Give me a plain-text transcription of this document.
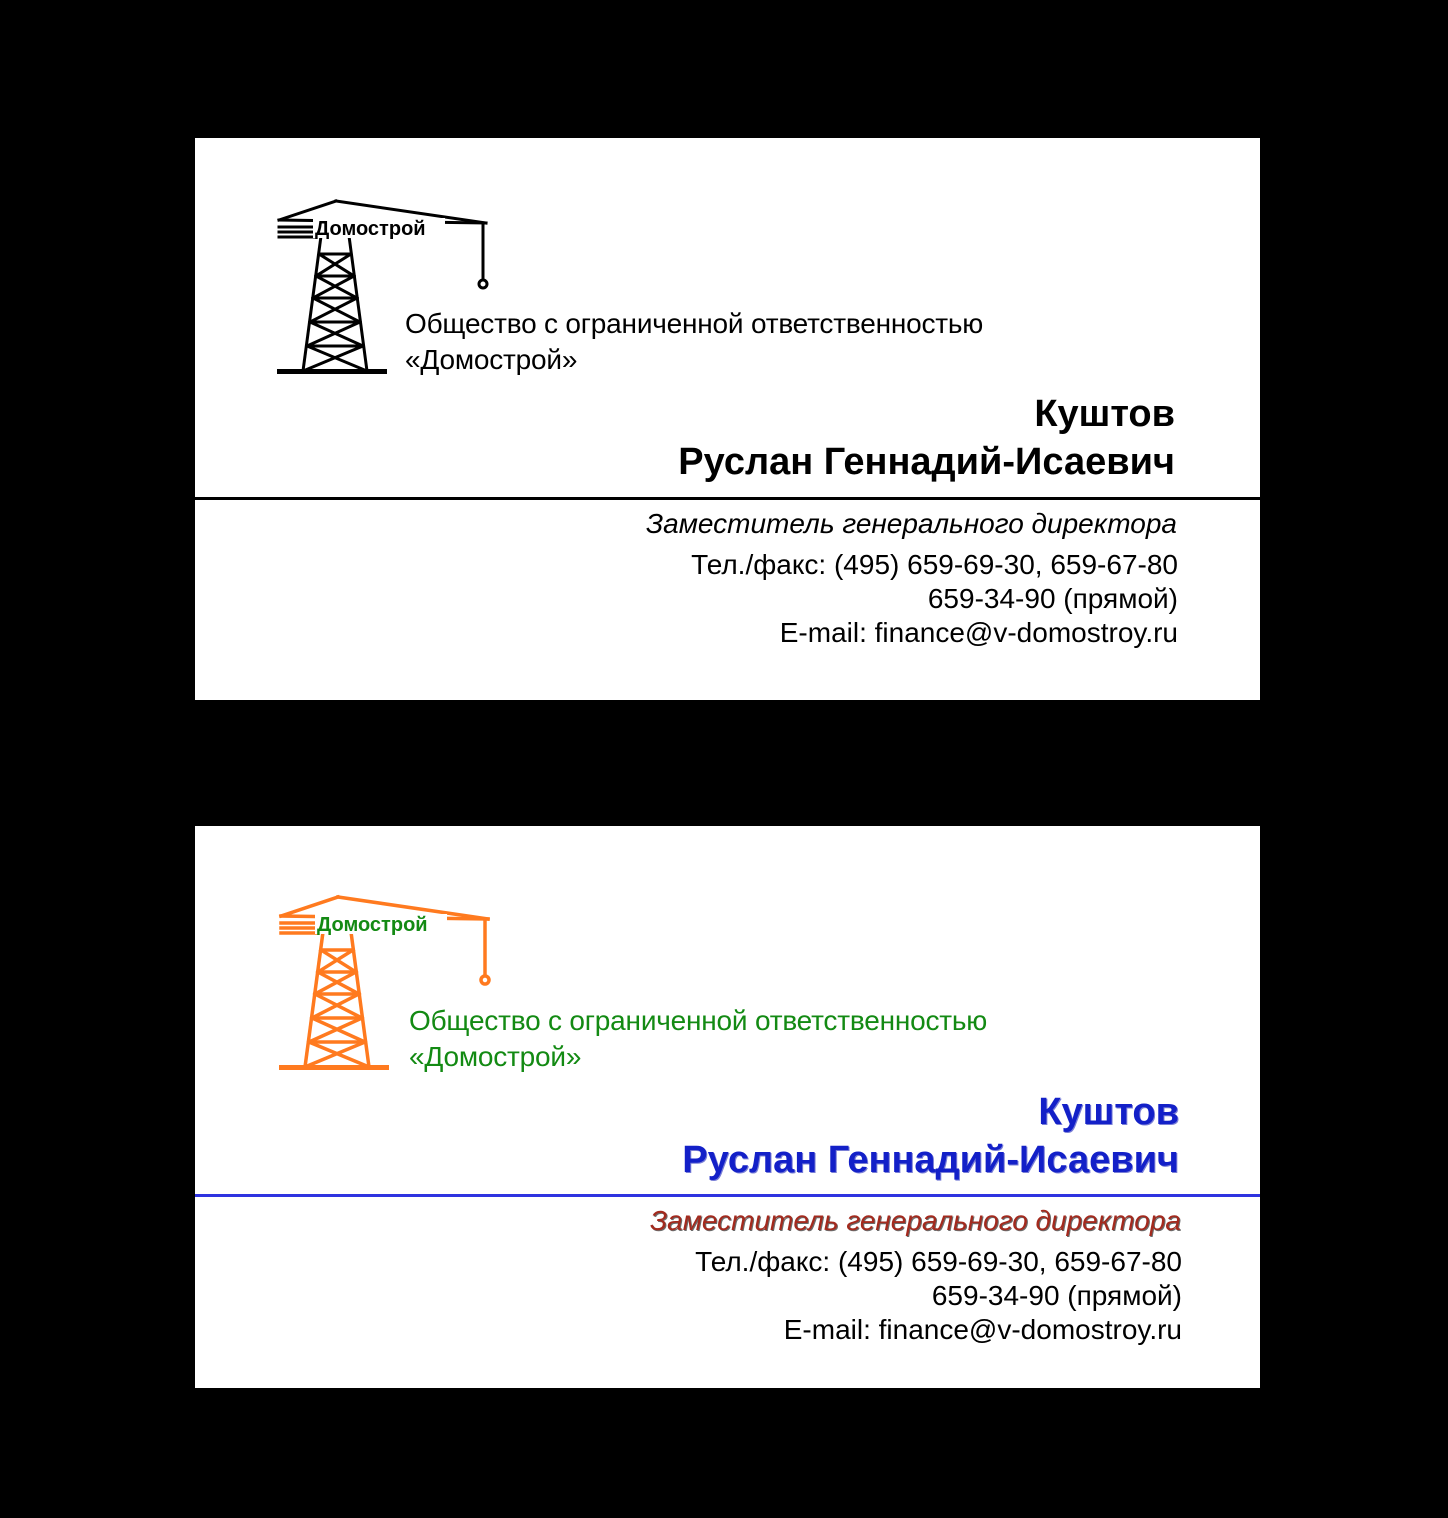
Домострой
Общество с ограниченной ответственностью
«Домострой»
Куштов
Руслан Геннадий-Исаевич
Заместитель генерального директора
Тел./факс: (495) 659-69-30, 659-67-80
659-34-90 (прямой)
E-mail: finance@v-domostroy.ru
Домострой
Общество с ограниченной ответственностью
«Домострой»
Куштов
Руслан Геннадий-Исаевич
Заместитель генерального директора
Тел./факс: (495) 659-69-30, 659-67-80
659-34-90 (прямой)
E-mail: finance@v-domostroy.ru
